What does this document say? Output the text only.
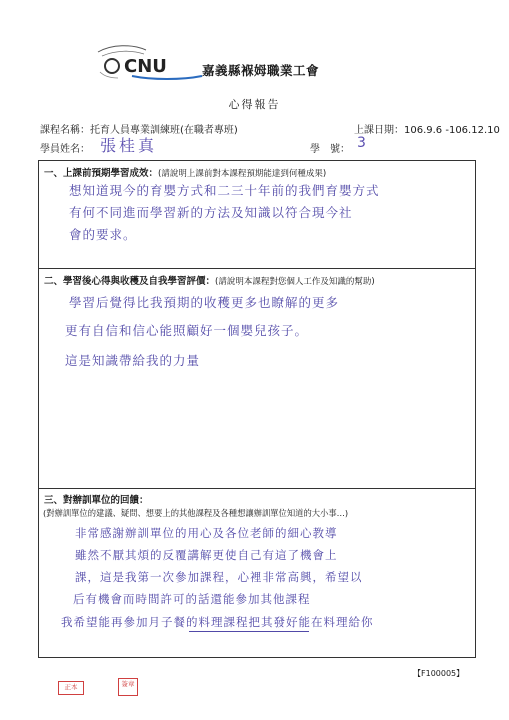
CNU	嘉義縣褓姆職業工會
心得報告
課程名稱：托育人員專業訓練班(在職者專班)	上課日期：106.9.6 -106.12.10
學員姓名： 張桂真	學　號： 3
一、上課前預期學習成效：(請說明上課前對本課程預期能達到何種成果)
想知道現今的育嬰方式和二三十年前的我們育嬰方式
有何不同進而學習新的方法及知識以符合現今社
會的要求。
二、學習後心得與收穫及自我學習評價：(請說明本課程對您個人工作及知識的幫助)
學習后覺得比我預期的收穫更多也瞭解的更多
更有自信和信心能照顧好一個嬰兒孩子。
這是知識帶給我的力量
三、對辦訓單位的回饋：
(對辦訓單位的建議、疑問、想要上的其他課程及各種想讓辦訓單位知道的大小事…)
非常感謝辦訓單位的用心及各位老師的細心教導
雖然不厭其煩的反覆講解更使自己有這了機會上
課，這是我第一次參加課程，心裡非常高興，希望以
后有機會而時間許可的話還能參加其他課程
我希望能再參加月子餐的料理課程把其發好能在料理給你
【F100005】
正本	簽章
